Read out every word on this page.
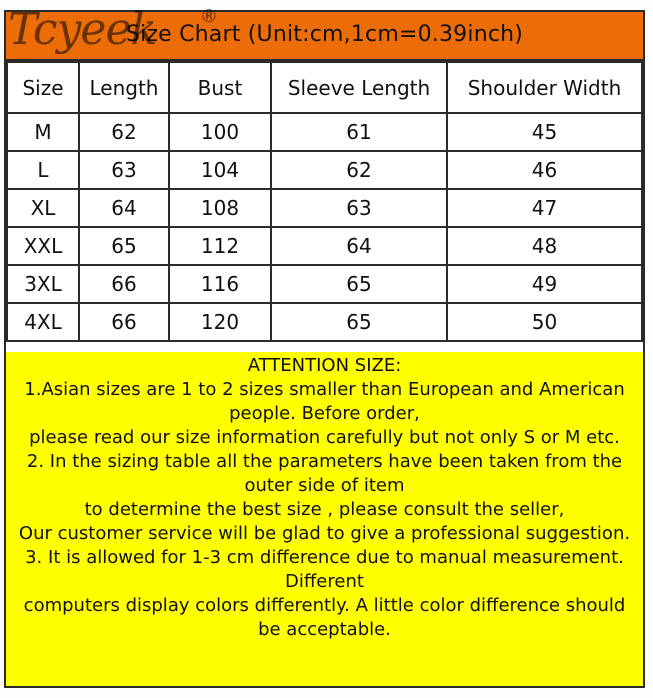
Size Chart (Unit:cm,1cm=0.39inch)
Tcyeek ®
Size	Length	Bust	Sleeve Length	Shoulder Width
M	62	100	61	45
L	63	104	62	46
XL	64	108	63	47
XXL	65	112	64	48
3XL	66	116	65	49
4XL	66	120	65	50

ATTENTION SIZE:

1.Asian sizes are 1 to 2 sizes smaller than European and American people. Before order,

please read our size information carefully but not only S or M etc.

2. In the sizing table all the parameters have been taken from the outer side of item

to determine the best size , please consult the seller,

Our customer service will be glad to give a professional suggestion.

3. It is allowed for 1-3 cm difference due to manual measurement. Different

computers display colors differently. A little color difference should be acceptable.
